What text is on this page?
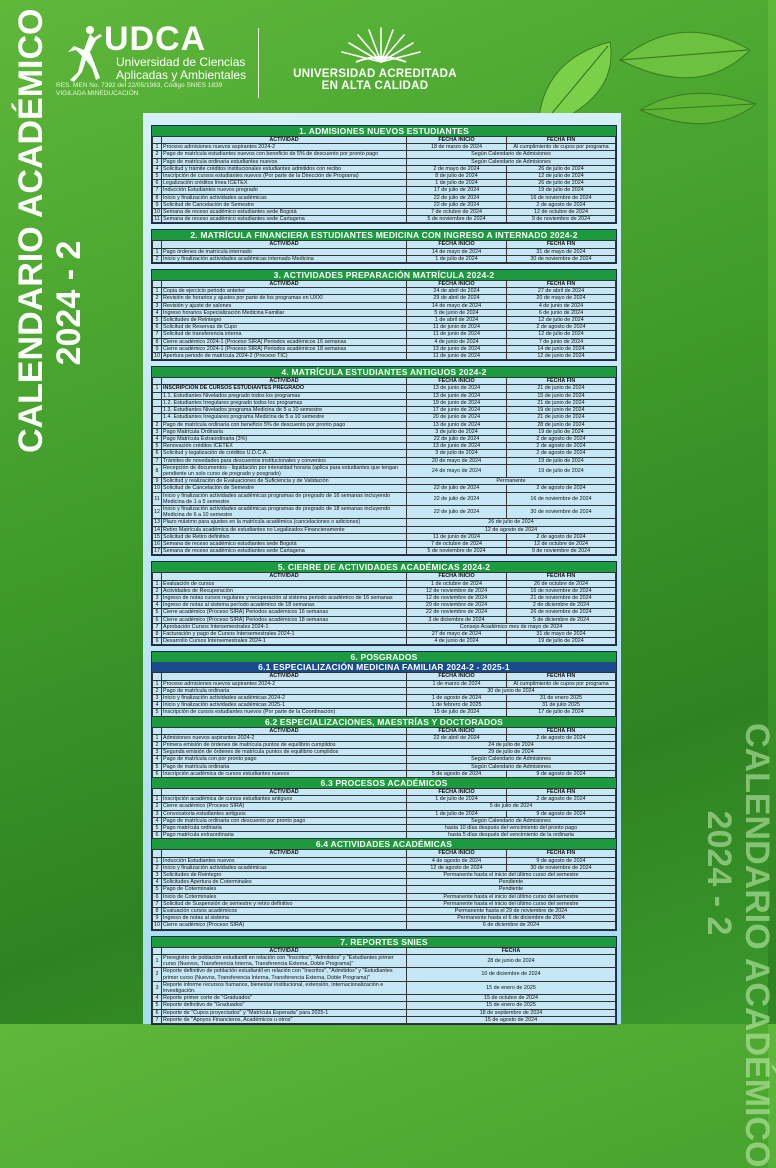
UDCA
Universidad de Ciencias
Aplicadas y Ambientales
RES. MEN No. 7392 del 22/05/1983, Código SNIES 1839
VIGILADA MINEDUCACIÓN
UNIVERSIDAD ACREDITADA
EN ALTA CALIDAD
CALENDARIO ACADÉMICO 2024 - 2
CALENDARIO ACADÉMICO
2024 - 2
1. ADMISIONES NUEVOS ESTUDIANTES
	ACTIVIDAD	FECHA INICIO	FECHA FIN
1	Proceso admisiones nuevos aspirantes 2024-2	18 de marzo de 2024	Al cumplimiento de cupos por programa
2	Pago de matrícula estudiantes nuevos con beneficio de 5% de descuento por pronto pago	Según Calendario de Admisiones	
3	Pago de matrícula ordinaria estudiantes nuevos	Según Calendario de Admisiones	
4	Solicitud y trámite créditos institucionales estudiantes admitidos con recibo	2 de mayo de 2024	26 de julio de 2024
5	Inscripción de cursos estudiantes nuevos (Por parte de la Dirección de Programa)	8 de julio de 2024	12 de julio de 2024
6	Legalización créditos línea ICETEX	1 de julio de 2024	26 de julio de 2024
7	Inducción Estudiantes nuevos pregrado	17 de julio de 2024	19 de julio de 2024
8	Inicio y finalización actividades académicas	22 de julio de 2024	16 de noviembre de 2024
9	Solicitud de Cancelación de Semestre	22 de julio de 2024	2 de agosto de 2024
10	Semana de receso académico estudiantes sede Bogotá	7 de octubre de 2024	12 de octubre de 2024
11	Semana de receso académico estudiantes sede Cartagena	5 de noviembre de 2024	9 de noviembre de 2024
2. MATRÍCULA FINANCIERA ESTUDIANTES MEDICINA CON INGRESO A INTERNADO 2024-2
	ACTIVIDAD	FECHA INICIO	FECHA FIN
1	Pago órdenes de matrícula internado	14 de mayo de 2024	31 de mayo de 2024
2	Inicio y finalización actividades académicas internado Medicina	1 de julio de 2024	30 de noviembre de 2024
3. ACTIVIDADES PREPARACIÓN MATRÍCULA 2024-2
	ACTIVIDAD	FECHA INICIO	FECHA FIN
1	Copia de ejercicio periodo anterior	24 de abril de 2024	27 de abril de 2024
2	Revisión de horarios y ajustes por parte de los programas en UXXI	29 de abril de 2024	20 de mayo de 2024
3	Revisión y ajuste de salones	14 de mayo de 2024	4 de junio de 2024
4	Ingreso horarios Especialización Medicina Familiar	5 de junio de 2024	6 de junio de 2024
5	Solicitudes de Reintegro	1 de abril de 2024	12 de julio de 2024
6	Solicitud de Reservas de Cupo	11 de junio de 2024	2 de agosto de 2024
7	Solicitud de transferencia interna	11 de junio de 2024	12 de julio de 2024
8	Cierre académico 2024-1 (Proceso SIRA) Periodos académicos 16 semanas	4 de junio de 2024	7 de junio de 2024
9	Cierre académico 2024-1 (Proceso SIRA) Periodos académicos 18 semanas	13 de junio de 2024	14 de junio de 2024
10	Apertura periodo de matrícula 2024-2 (Proceso TIC)	11 de junio de 2024	12 de junio de 2024
4. MATRÍCULA ESTUDIANTES ANTIGUOS 2024-2
	ACTIVIDAD	FECHA INICIO	FECHA FIN
1	INSCRIPCIÓN DE CURSOS ESTUDIANTES PREGRADO	13 de junio de 2024	21 de junio de 2024
	1.1. Estudiantes Nivelados pregrado todos los programas	13 de junio de 2024	15 de junio de 2024
	1.2. Estudiantes Irregulares pregrado todos los programas	19 de junio de 2024	21 de junio de 2024
	1.3. Estudiantes Nivelados programa Medicina de 5 a 10 semestre	17 de junio de 2024	19 de junio de 2024
	1.4. Estudiantes Irregulares programa Medicina de 5 a 10 semestre	20 de junio de 2024	21 de junio de 2024
2	Pago de matrícula ordinaria con beneficio 5% de descuento por pronto pago	13 de junio de 2024	28 de junio de 2024
3	Pago Matrícula Ordinaria	3 de julio de 2024	19 de julio de 2024
4	Pago Matrícula Extraordinaria (3%)	22 de julio de 2024	2 de agosto de 2024
5	Renovación créditos ICETEX	13 de junio de 2024	2 de agosto de 2024
6	Solicitud y legalización de créditos U.D.C.A.	3 de julio de 2024	2 de agosto de 2024
7	Trámites de novedades para descuentos institucionales y convenios	20 de mayo de 2024	19 de julio de 2024
8	Recepción de documentos - liquidación por intensidad horaria (aplica para estudiantes que tengan pendiente un solo curso de pregrado y posgrado)	24 de mayo de 2024	19 de julio de 2024
9	Solicitud y realización de Evaluaciones de Suficiencia y de Validación	Permanente	
10	Solicitud de Cancelación de Semestre	22 de julio de 2024	2 de agosto de 2024
11	Inicio y finalización actividades académicas programas de pregrado de 16 semanas incluyendo Medicina de 1 a 5 semestre	22 de julio de 2024	16 de noviembre de 2024
12	Inicio y finalización actividades académicas programas de pregrado de 18 semanas incluyendo Medicina de 6 a 10 semestre	22 de julio de 2024	30 de noviembre de 2024
13	Plazo máximo para ajustes en la matrícula académica (cancelaciones o adiciones)	26 de julio de 2024	
14	Retiro Matrícula académica de estudiantes no Legalizados Financieramente	12 de agosto de 2024	
15	Solicitud de Retiro definitivo	11 de junio de 2024	2 de agosto de 2024
16	Semana de receso académico estudiantes sede Bogotá	7 de octubre de 2024	12 de octubre de 2024
17	Semana de receso académico estudiantes sede Cartagena	5 de noviembre de 2024	9 de noviembre de 2024
5. CIERRE DE ACTIVIDADES ACADÉMICAS 2024-2
	ACTIVIDAD	FECHA INICIO	FECHA FIN
1	Evaluación de cursos	1 de octubre de 2024	26 de octubre de 2024
2	Actividades de Recuperación	12 de noviembre de 2024	16 de noviembre de 2024
3	Ingreso de notas cursos regulares y recuperación al sistema periodo académico de 16 semanas	12 de noviembre de 2024	21 de noviembre de 2024
4	Ingreso de notas al sistema período académico de 18 semanas	29 de noviembre de 2024	2 de diciembre de 2024
5	Cierre académico (Proceso SIRA) Periodos académicos 16 semanas	22 de noviembre de 2024	26 de noviembre de 2024
6	Cierre académico (Proceso SIRA) Periodos académicos 18 semanas	3 de diciembre de 2024	5 de diciembre de 2024
7	Aprobación Cursos Intersemestrales 2024-1	Consejo Académico mes de mayo de 2024	
8	Facturación y pago de Cursos Intersemestrales 2024-1	27 de mayo de 2024	31 de mayo de 2024
9	Desarrollo Cursos Intersemestrales 2024-1	4 de junio de 2024	19 de julio de 2024
6. POSGRADOS
6.1 ESPECIALIZACIÓN MEDICINA FAMILIAR 2024-2 - 2025-1
	ACTIVIDAD	FECHA INICIO	FECHA FIN
1	Proceso admisiones nuevos aspirantes 2024-2	1 de marzo de 2024	Al cumplimiento de cupos por programa
2	Pago de matrícula ordinaria	30 de junio de 2024	
3	Inicio y finalización actividades académicas 2024-2	1 de agosto de 2024	31 de enero 2025
4	Inicio y finalización actividades académicas 2025-1	1 de febrero de 2025	31 de julio 2025
5	Inscripción de cursos estudiantes nuevos (Por parte de la Coordinación)	15 de julio de 2024	17 de julio de 2024
6.2 ESPECIALIZACIONES, MAESTRÍAS Y DOCTORADOS
	ACTIVIDAD	FECHA INICIO	FECHA FIN
1	Admisiones nuevos aspirantes 2024-2	22 de abril de 2024	2 de agosto de 2024
2	Primera emisión de órdenes de matrícula puntos de equilibrio cumplidos	24 de julio de 2024	
3	Segunda emisión de órdenes de matrícula puntos de equilibrio cumplidos	29 de julio de 2024	
4	Pago de matrícula con por pronto pago	Según Calendario de Admisiones	
5	Pago de matrícula ordinaria	Según Calendario de Admisiones	
6	Inscripción académica de cursos estudiantes nuevos	5 de agosto de 2024	9 de agosto de 2024
6.3 PROCESOS ACADÉMICOS
	ACTIVIDAD	FECHA INICIO	FECHA FIN
1	Inscripción académica de cursos estudiantes antiguos	1 de julio de 2024	2 de agosto de 2024
2	Cierre académico (Proceso SIRA)	5 de julio de 2024	
3	Convocatoria estudiantes antiguos	1 de julio de 2024	9 de agosto de 2024
4	Pago de matrícula ordinaria con descuento por pronto pago	Según Calendario de Admisiones	
5	Pago matrícula ordinaria	hasta 10 días después del vencimiento del pronto pago	
6	Pago matrícula extraordinaria	hasta 5 días después del vencimiento de la ordinaria	
6.4 ACTIVIDADES ACADÉMICAS
	ACTIVIDAD	FECHA INICIO	FECHA FIN
1	Inducción Estudiantes nuevos	4 de agosto de 2024	9 de agosto de 2024
2	Inicio y finalización actividades académicas	12 de agosto de 2024	30 de noviembre de 2024
3	Solicitudes de Reintegro	Permanente hasta el inicio del último curso del semestre	
4	Solicitudes Apertura de Coterminales	Pendiente	
5	Pago de Coterminales	Pendiente	
6	Inicio de Coterminales	Permanente hasta el inicio del último curso del semestre	
7	Solicitud de Suspensión de semestre y retiro definitivo	Permanente hasta el inicio del último curso del semestre	
8	Evaluación cursos académicos	Permanente hasta el 29 de noviembre de 2024	
9	Ingreso de notas al sistema	Permanente hasta el 6 de diciembre de 2024	
10	Cierre académico (Proceso SIRA)	6 de diciembre de 2024	
7. REPORTES SNIES
	ACTIVIDAD	FECHA
1	Preregistro de población estudiantil en relación con "Inscritos", "Admitidos" y "Estudiantes primer curso (Nuevos, Transferencia Interna, Transferencia Externa, Doble Programa)"	28 de junio de 2024
2	Reporte definitivo de población estudiantil en relación con "Inscritos", "Admitidos" y "Estudiantes primer curso (Nuevos, Transferencia Interna, Transferencia Externa, Doble Programa)"	10 de diciembre de 2024
3	Reporte informe recursos humanos, bienestar institucional, extensión, internacionalización e investigación.	15 de enero de 2025
4	Reporte primer corte de "Graduados"	15 de octubre de 2024
5	Reporte definitivo de "Graduados"	15 de enero de 2025
6	Reporte de "Cupos proyectados" y "Matrícula Esperada" para 2025-1	18 de septiembre de 2024
7	Reporte de "Apoyos Financieros, Académicos u otros"	15 de agosto de 2024
